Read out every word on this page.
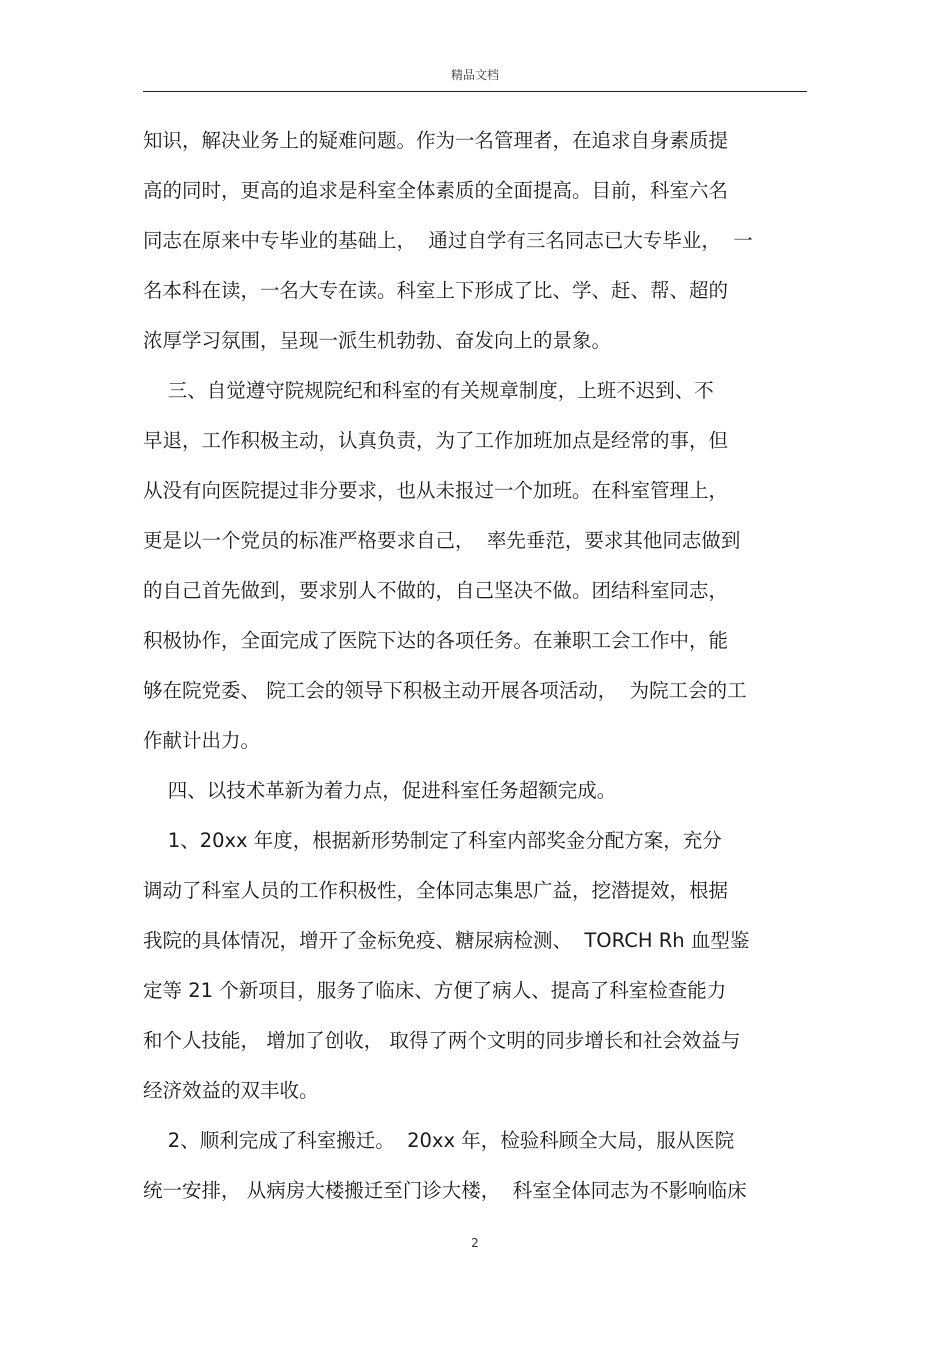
精品文档
知识，解决业务上的疑难问题。作为一名管理者，在追求自身素质提
高的同时，更高的追求是科室全体素质的全面提高。目前，科室六名
同志在原来中专毕业的基础上，  通过自学有三名同志已大专毕业，  一
名本科在读，一名大专在读。科室上下形成了比、学、赶、帮、超的
浓厚学习氛围，呈现一派生机勃勃、奋发向上的景象。
三、自觉遵守院规院纪和科室的有关规章制度，上班不迟到、不
早退，工作积极主动，认真负责，为了工作加班加点是经常的事，但
从没有向医院提过非分要求，也从未报过一个加班。在科室管理上，
更是以一个党员的标准严格要求自己，  率先垂范，要求其他同志做到
的自己首先做到，要求别人不做的，自己坚决不做。团结科室同志，
积极协作，全面完成了医院下达的各项任务。在兼职工会工作中，能
够在院党委、 院工会的领导下积极主动开展各项活动，  为院工会的工
作献计出力。
四、以技术革新为着力点，促进科室任务超额完成。
1、20xx 年度，根据新形势制定了科室内部奖金分配方案，充分
调动了科室人员的工作积极性，全体同志集思广益，挖潜提效，根据
我院的具体情况，增开了金标免疫、糖尿病检测、  TORCH Rh 血型鉴
定等 21 个新项目，服务了临床、方便了病人、提高了科室检查能力
和个人技能， 增加了创收， 取得了两个文明的同步增长和社会效益与
经济效益的双丰收。
2、顺利完成了科室搬迁。  20xx 年，检验科顾全大局，服从医院
统一安排， 从病房大楼搬迁至门诊大楼，  科室全体同志为不影响临床
2
